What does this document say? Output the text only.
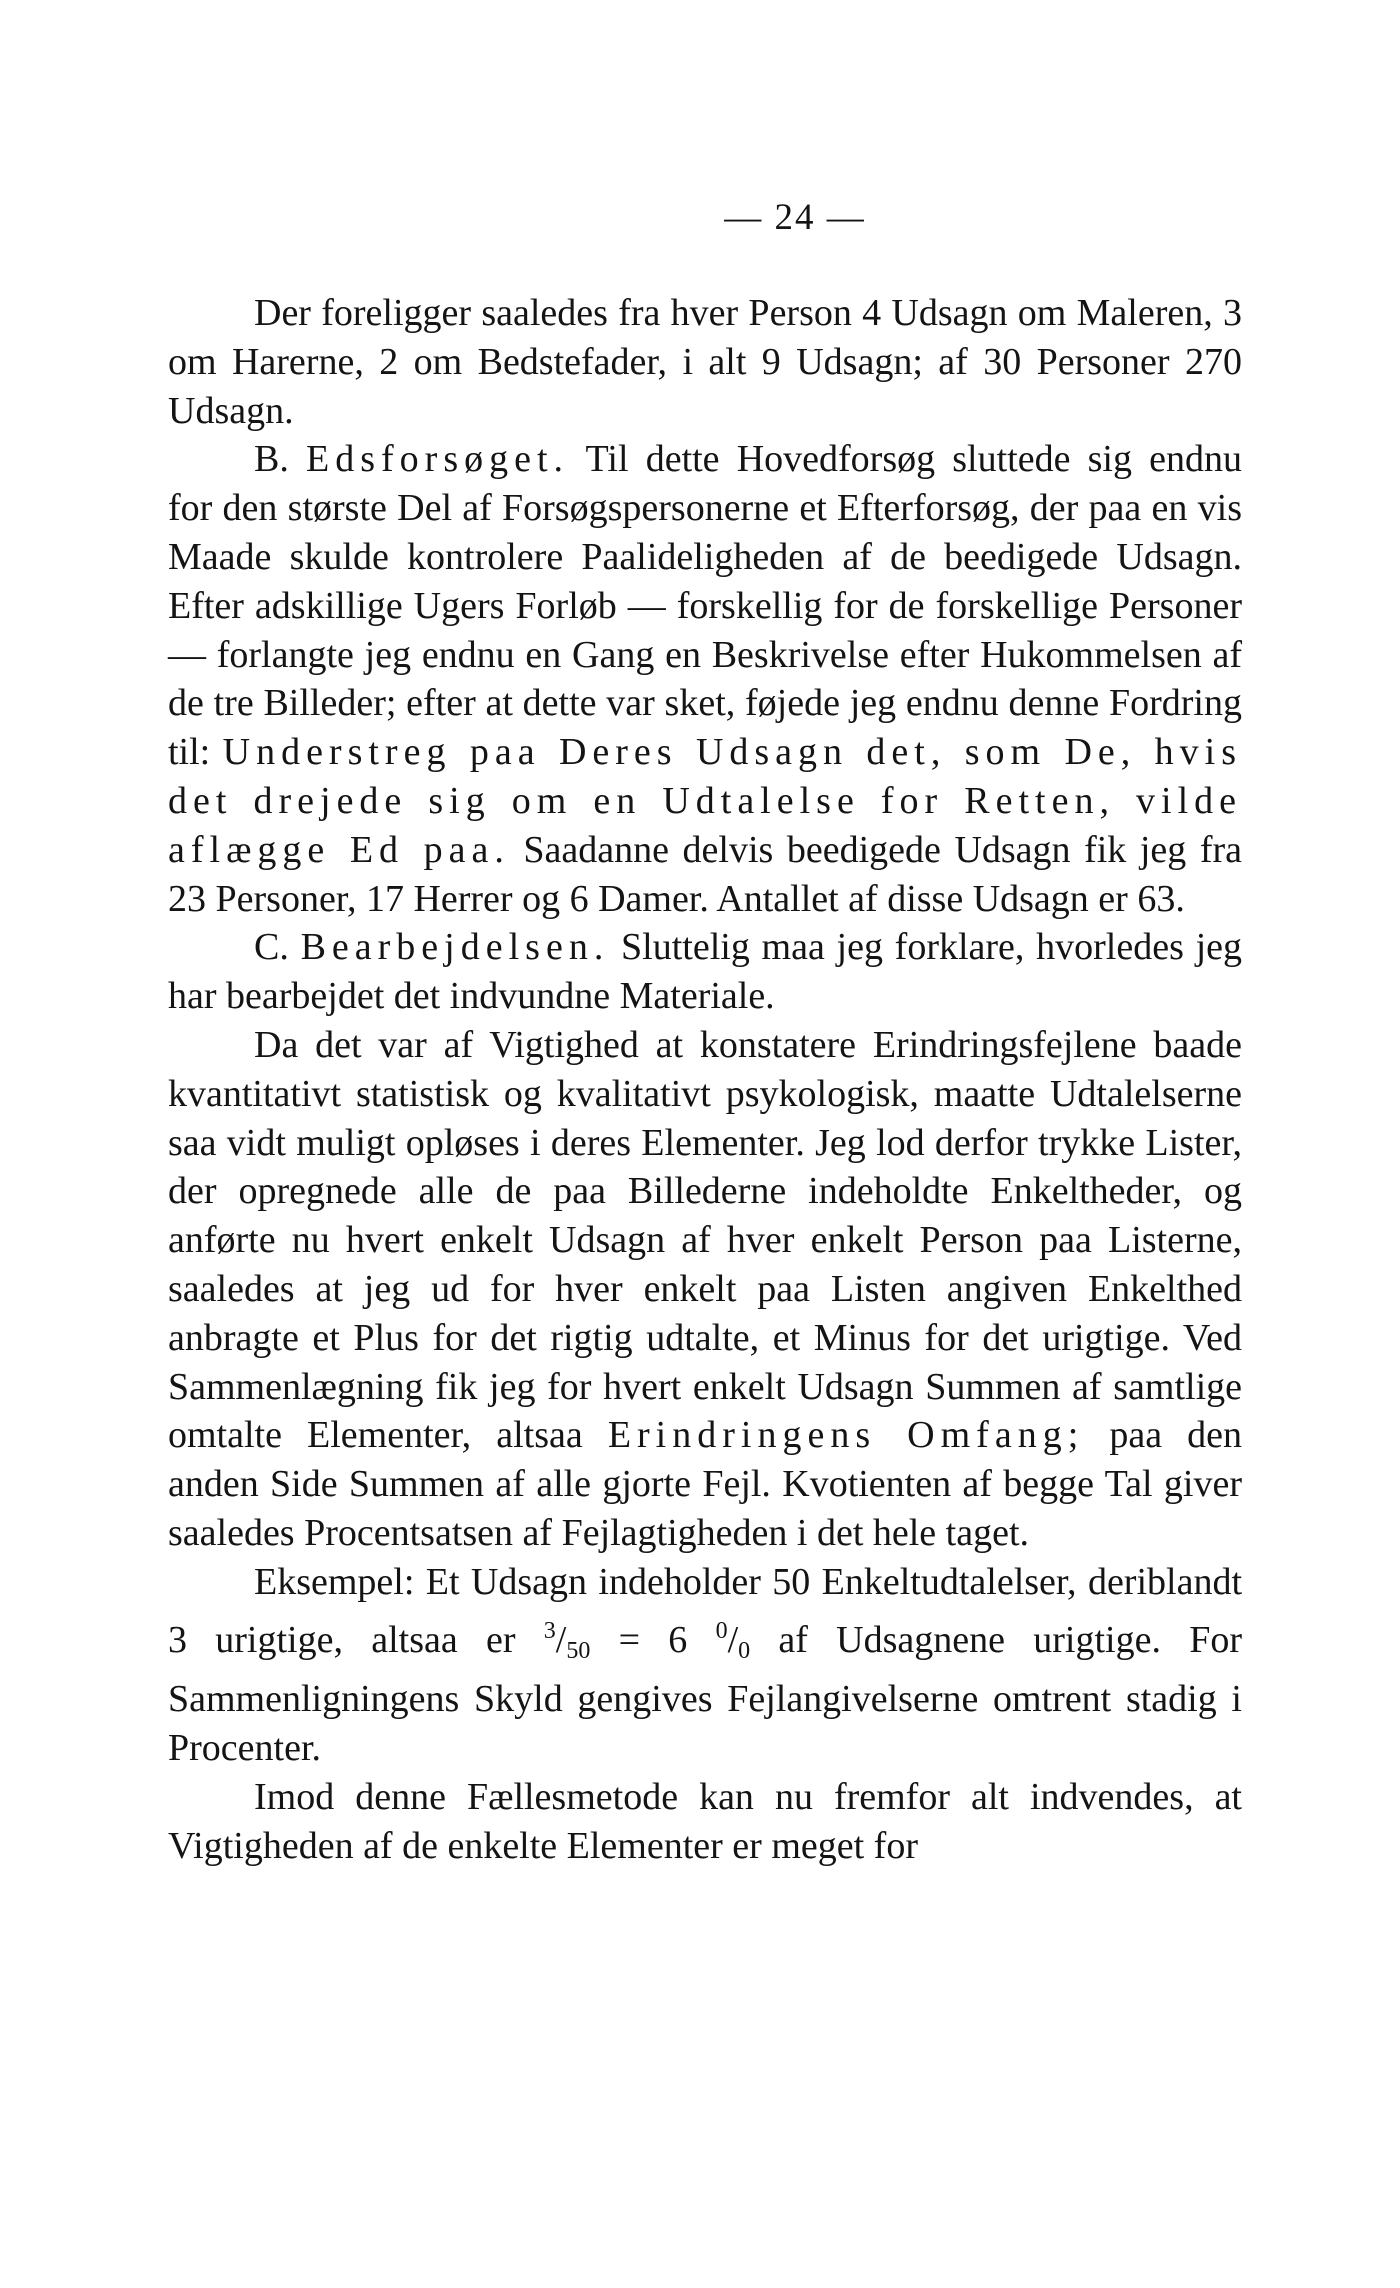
— 24 —

Der foreligger saaledes fra hver Person 4 Udsagn om Maleren, 3 om Harerne, 2 om Bedstefader, i alt 9 Udsagn; af 30 Personer 270 Udsagn.

B. Edsforsøget. Til dette Hovedforsøg sluttede sig endnu for den største Del af Forsøgspersonerne et Efterforsøg, der paa en vis Maade skulde kontrolere Paalideligheden af de beedigede Udsagn. Efter adskillige Ugers Forløb — forskellig for de forskellige Personer — forlangte jeg endnu en Gang en Beskrivelse efter Hukommelsen af de tre Billeder; efter at dette var sket, føjede jeg endnu denne Fordring til: Understreg paa Deres Udsagn det, som De, hvis det drejede sig om en Udtalelse for Retten, vilde aflægge Ed paa. Saadanne delvis beedigede Udsagn fik jeg fra 23 Personer, 17 Herrer og 6 Damer. Antallet af disse Udsagn er 63.

C. Bearbejdelsen. Sluttelig maa jeg forklare, hvorledes jeg har bearbejdet det indvundne Materiale.

Da det var af Vigtighed at konstatere Erindringsfejlene baade kvantitativt statistisk og kvalitativt psykologisk, maatte Udtalelserne saa vidt muligt opløses i deres Elementer. Jeg lod derfor trykke Lister, der opregnede alle de paa Billederne indeholdte Enkeltheder, og anførte nu hvert enkelt Udsagn af hver enkelt Person paa Listerne, saaledes at jeg ud for hver enkelt paa Listen angiven Enkelthed anbragte et Plus for det rigtig udtalte, et Minus for det urigtige. Ved Sammenlægning fik jeg for hvert enkelt Udsagn Summen af samtlige omtalte Elementer, altsaa Erindringens Omfang; paa den anden Side Summen af alle gjorte Fejl. Kvotienten af begge Tal giver saaledes Procentsatsen af Fejlagtigheden i det hele taget.

Eksempel: Et Udsagn indeholder 50 Enkeltudtalelser, deriblandt 3 urigtige, altsaa er $^3/_{50} = 6$ $^0/_0$ af Udsagnene urigtige. For Sammenligningens Skyld gengives Fejlangivelserne omtrent stadig i Procenter.

Imod denne Fællesmetode kan nu fremfor alt indvendes, at Vigtigheden af de enkelte Elementer er meget for
